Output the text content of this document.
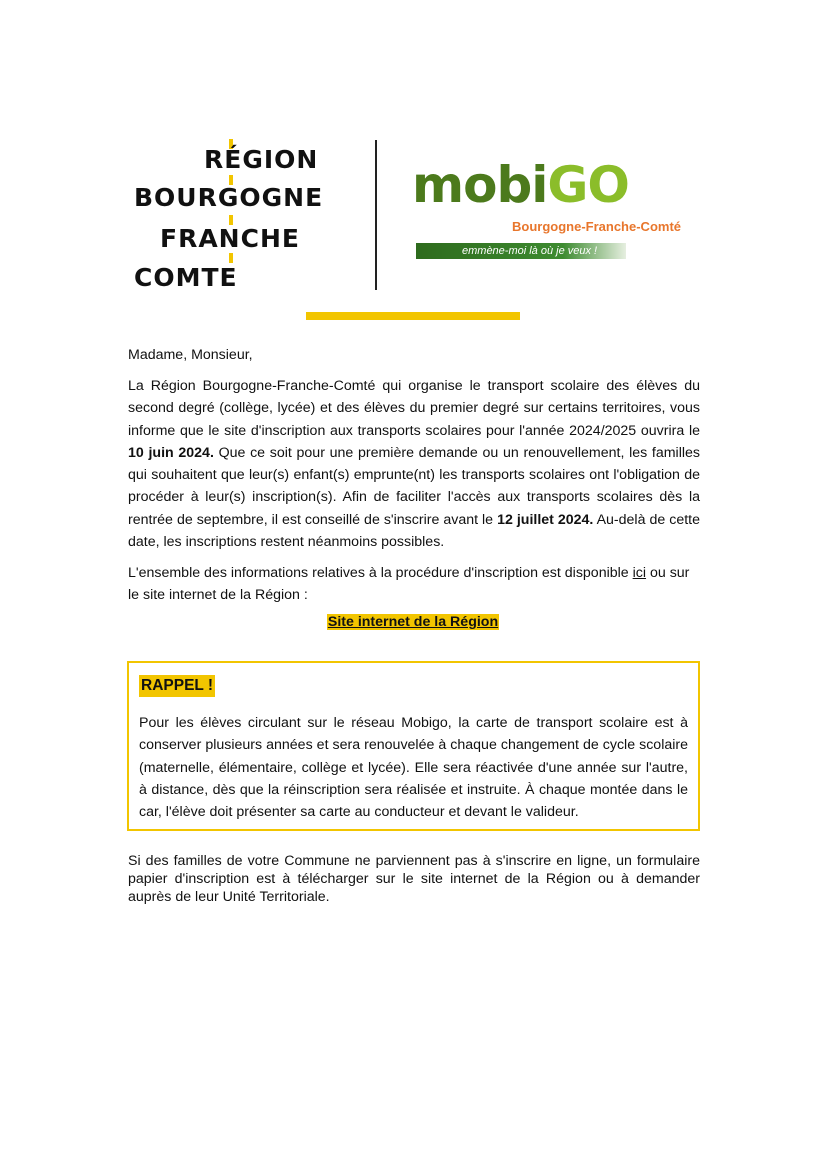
RÉGION
BOURGOGNE
FRANCHE
COMTE
mobiGO
Bourgogne-Franche-Comté
emmène-moi là où je veux !
Madame, Monsieur,
La Région Bourgogne-Franche-Comté qui organise le transport scolaire des élèves du second degré (collège, lycée) et des élèves du premier degré sur certains territoires, vous informe que le site d'inscription aux transports scolaires pour l'année 2024/2025 ouvrira le 10 juin 2024. Que ce soit pour une première demande ou un renouvellement, les familles qui souhaitent que leur(s) enfant(s) emprunte(nt) les transports scolaires ont l'obligation de procéder à leur(s) inscription(s). Afin de faciliter l'accès aux transports scolaires dès la rentrée de septembre, il est conseillé de s'inscrire avant le 12 juillet 2024. Au-delà de cette date, les inscriptions restent néanmoins possibles.
L'ensemble des informations relatives à la procédure d'inscription est disponible ici ou sur le site internet de la Région :
Site internet de la Région
RAPPEL !
Pour les élèves circulant sur le réseau Mobigo, la carte de transport scolaire est à conserver plusieurs années et sera renouvelée à chaque changement de cycle scolaire (maternelle, élémentaire, collège et lycée). Elle sera réactivée d'une année sur l'autre, à distance, dès que la réinscription sera réalisée et instruite. À chaque montée dans le car, l'élève doit présenter sa carte au conducteur et devant le valideur.
Si des familles de votre Commune ne parviennent pas à s'inscrire en ligne, un formulaire papier d'inscription est à télécharger sur le site internet de la Région ou à demander auprès de leur Unité Territoriale.
